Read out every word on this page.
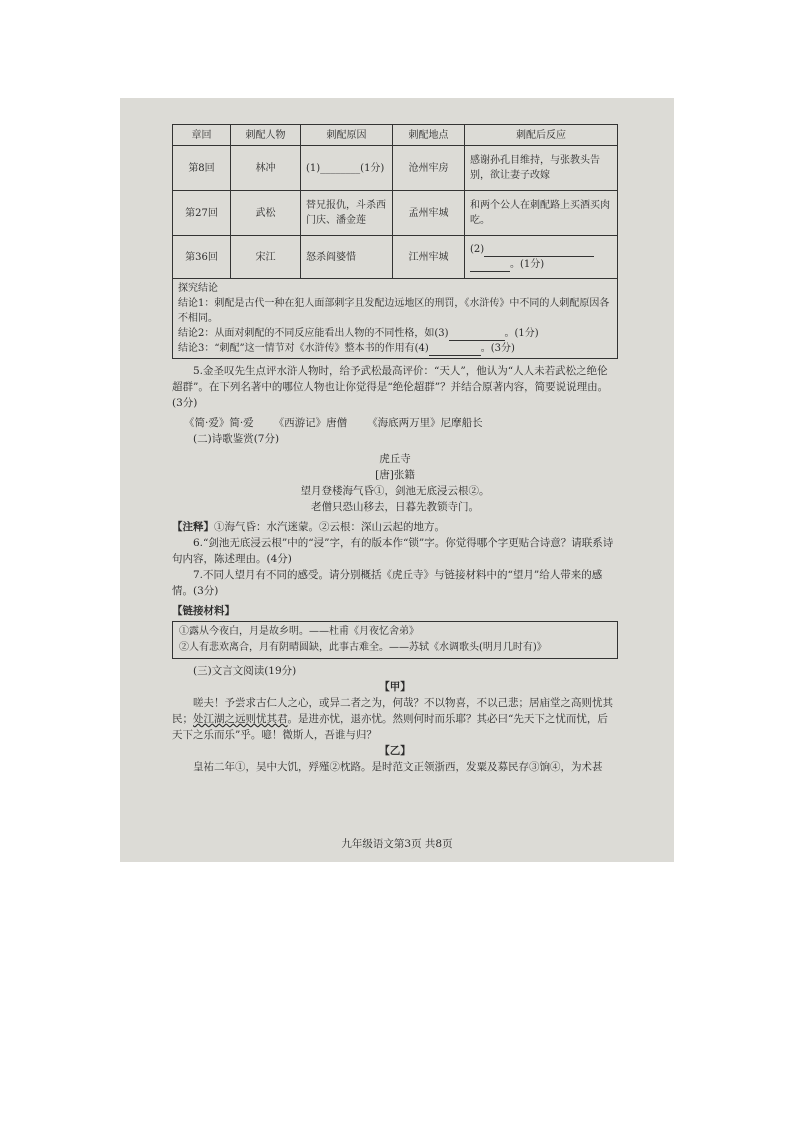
章回	刺配人物	刺配原因	刺配地点	刺配后反应
第8回	林冲	(1)________(1分)	沧州牢房	感谢孙孔目维持，与张教头告别，欲让妻子改嫁
第27回	武松	替兄报仇，斗杀西门庆、潘金莲	孟州牢城	和两个公人在刺配路上买酒买肉吃。
第36回	宋江	怒杀阎婆惜	江州牢城	(2)
。(1分)

探究结论

结论1：刺配是古代一种在犯人面部刺字且发配边远地区的刑罚，《水浒传》中不同的人刺配原因各不相同。

结论2：从面对刺配的不同反应能看出人物的不同性格，如(3) 。(1分)

结论3：“刺配”这一情节对《水浒传》整本书的作用有(4) 。(3分)				

5.金圣叹先生点评水浒人物时，给予武松最高评价：“天人”，他认为“人人未若武松之绝伦超群”。在下列名著中的哪位人物也让你觉得是“绝伦超群”？并结合原著内容，简要说说理由。(3分)

《简·爱》简·爱 《西游记》唐僧 《海底两万里》尼摩船长

(二)诗歌鉴赏(7分)

虎丘寺

[唐]张籍

望月登楼海气昏①，剑池无底浸云根②。

老僧只恐山移去，日暮先教锁寺门。

【注释】①海气昏：水汽迷蒙。②云根：深山云起的地方。

6.“剑池无底浸云根”中的“浸”字，有的版本作“锁”字。你觉得哪个字更贴合诗意？请联系诗句内容，陈述理由。(4分)

7.不同人望月有不同的感受。请分别概括《虎丘寺》与链接材料中的“望月”给人带来的感情。(3分)

【链接材料】

①露从今夜白，月是故乡明。——杜甫《月夜忆舍弟》

②人有悲欢离合，月有阴晴圆缺，此事古难全。——苏轼《水调歌头(明月几时有)》

(三)文言文阅读(19分)

【甲】

嗟夫！予尝求古仁人之心，或异二者之为，何哉？不以物喜，不以己悲；居庙堂之高则忧其民；处江湖之远则忧其君。是进亦忧，退亦忧。然则何时而乐耶？其必曰“先天下之忧而忧，后天下之乐而乐”乎。噫！微斯人，吾谁与归？

【乙】

皇祐二年①，吴中大饥，殍殣②枕路。是时范文正领浙西，发粟及募民存③饷④，为术甚

九年级语文第3页 共8页
